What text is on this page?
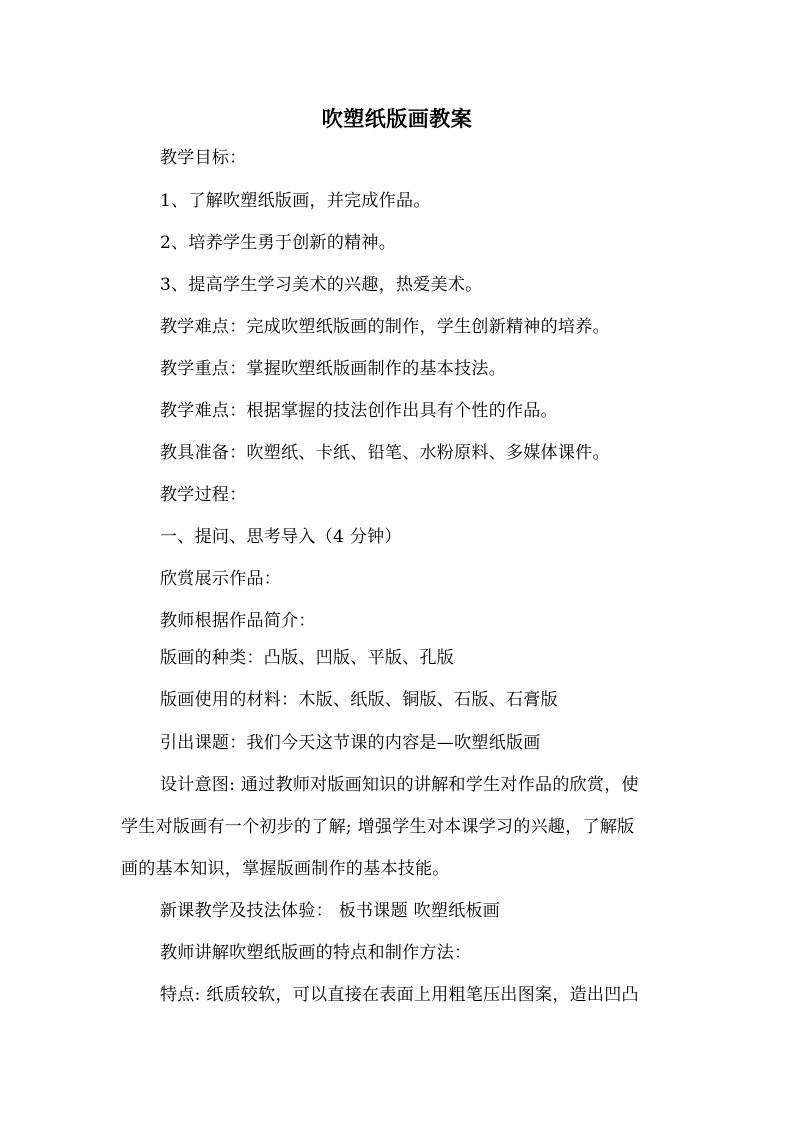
吹塑纸版画教案
教学目标：
1、了解吹塑纸版画，并完成作品。
2、培养学生勇于创新的精神。
3、提高学生学习美术的兴趣，热爱美术。
教学难点：完成吹塑纸版画的制作，学生创新精神的培养。
教学重点：掌握吹塑纸版画制作的基本技法。
教学难点：根据掌握的技法创作出具有个性的作品。
教具准备：吹塑纸、卡纸、铅笔、水粉原料、多媒体课件。
教学过程：
一、提问、思考导入（4 分钟）
欣赏展示作品：
教师根据作品简介：
版画的种类：凸版、凹版、平版、孔版
版画使用的材料：木版、纸版、铜版、石版、石膏版
引出课题：我们今天这节课的内容是—吹塑纸版画
设计意图: 通过教师对版画知识的讲解和学生对作品的欣赏，使
学生对版画有一个初步的了解; 增强学生对本课学习的兴趣，了解版
画的基本知识，掌握版画制作的基本技能。
新课教学及技法体验： 板书课题 吹塑纸板画
教师讲解吹塑纸版画的特点和制作方法：
特点: 纸质较软，可以直接在表面上用粗笔压出图案，造出凹凸
